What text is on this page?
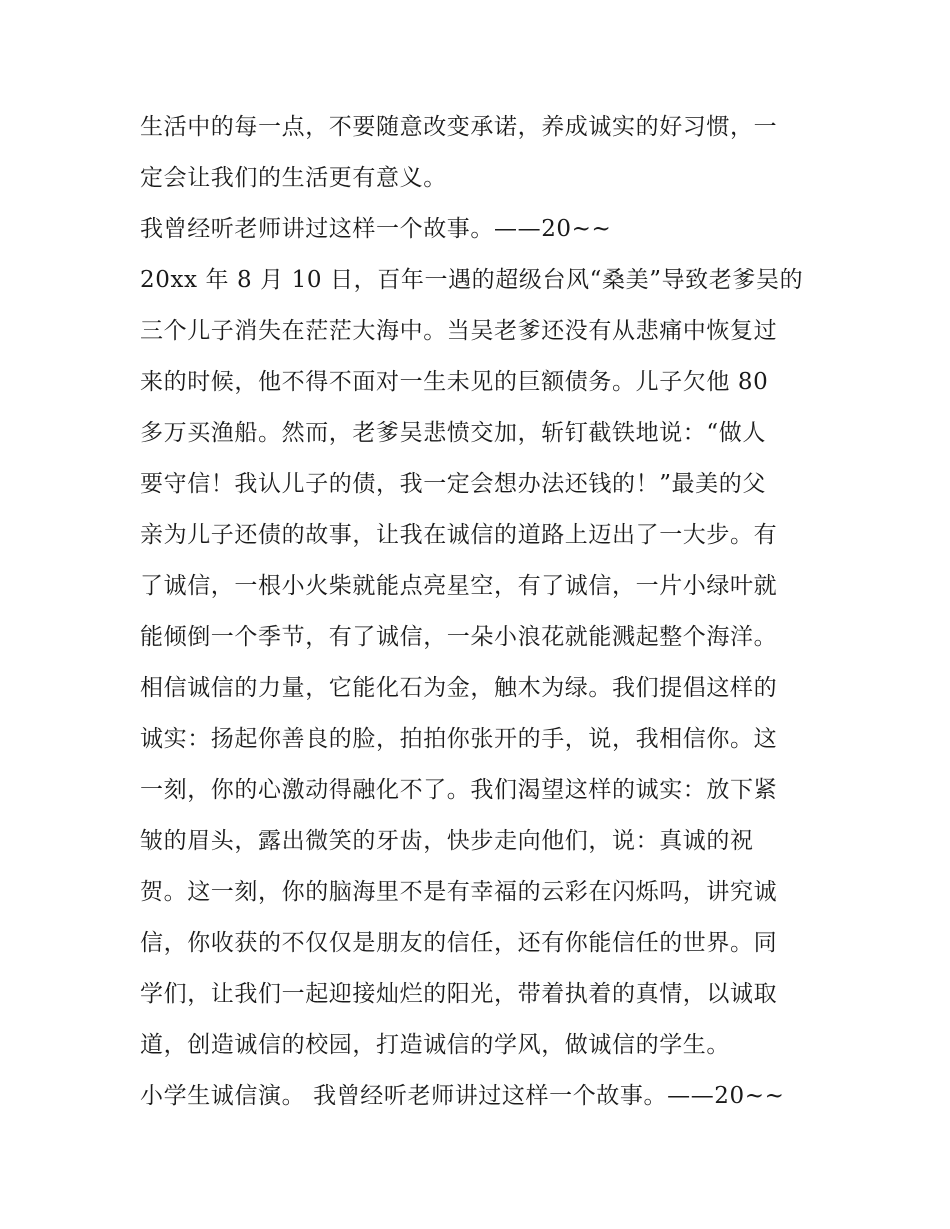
生活中的每一点，不要随意改变承诺，养成诚实的好习惯，一
定会让我们的生活更有意义。
我曾经听老师讲过这样一个故事。——20~~
20xx 年 8 月 10 日，百年一遇的超级台风“桑美”导致老爹吴的
三个儿子消失在茫茫大海中。当吴老爹还没有从悲痛中恢复过
来的时候，他不得不面对一生未见的巨额债务。儿子欠他 80
多万买渔船。然而，老爹吴悲愤交加，斩钉截铁地说：“做人
要守信！我认儿子的债，我一定会想办法还钱的！”最美的父
亲为儿子还债的故事，让我在诚信的道路上迈出了一大步。有
了诚信，一根小火柴就能点亮星空，有了诚信，一片小绿叶就
能倾倒一个季节，有了诚信，一朵小浪花就能溅起整个海洋。
相信诚信的力量，它能化石为金，触木为绿。我们提倡这样的
诚实：扬起你善良的脸，拍拍你张开的手，说，我相信你。这
一刻，你的心激动得融化不了。我们渴望这样的诚实：放下紧
皱的眉头，露出微笑的牙齿，快步走向他们，说：真诚的祝
贺。这一刻，你的脑海里不是有幸福的云彩在闪烁吗，讲究诚
信，你收获的不仅仅是朋友的信任，还有你能信任的世界。同
学们，让我们一起迎接灿烂的阳光，带着执着的真情，以诚取
道，创造诚信的校园，打造诚信的学风，做诚信的学生。
小学生诚信演。 我曾经听老师讲过这样一个故事。——20~~
